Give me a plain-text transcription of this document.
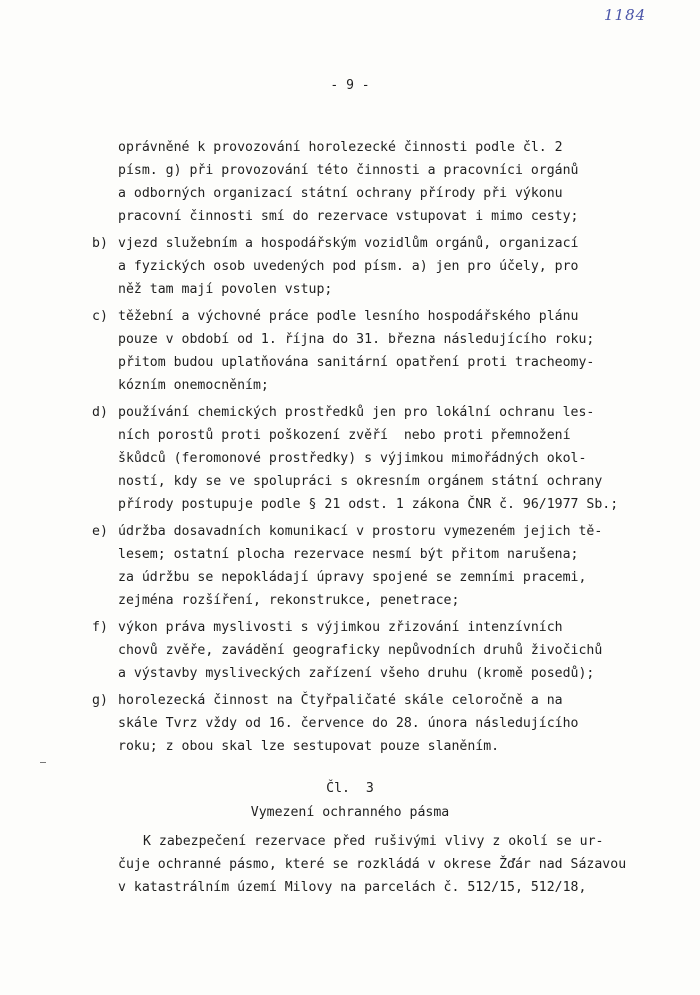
1184
- 9 -
oprávněné k provozování horolezecké činnosti podle čl. 2
písm. g) při provozování této činnosti a pracovníci orgánů
a odborných organizací státní ochrany přírody při výkonu
pracovní činnosti smí do rezervace vstupovat i mimo cesty;
b) vjezd služebním a hospodářským vozidlům orgánů, organizací
a fyzických osob uvedených pod písm. a) jen pro účely, pro
něž tam mají povolen vstup;
c) těžební a výchovné práce podle lesního hospodářského plánu
pouze v období od 1. října do 31. března následujícího roku;
přitom budou uplatňována sanitární opatření proti tracheomy-
kózním onemocněním;
d) používání chemických prostředků jen pro lokální ochranu les-
ních porostů proti poškození zvěří  nebo proti přemnožení
škůdců (feromonové prostředky) s výjimkou mimořádných okol-
ností, kdy se ve spolupráci s okresním orgánem státní ochrany
přírody postupuje podle § 21 odst. 1 zákona ČNR č. 96/1977 Sb.;
e) údržba dosavadních komunikací v prostoru vymezeném jejich tě-
lesem; ostatní plocha rezervace nesmí být přitom narušena;
za údržbu se nepokládají úpravy spojené se zemními pracemi,
zejména rozšíření, rekonstrukce, penetrace;
f) výkon práva myslivosti s výjimkou zřizování intenzívních
chovů zvěře, zavádění geograficky nepůvodních druhů živočichů
a výstavby mysliveckých zařízení všeho druhu (kromě posedů);
g) horolezecká činnost na Čtyřpaličaté skále celoročně a na
skále Tvrz vždy od 16. července do 28. února následujícího
roku; z obou skal lze sestupovat pouze slaněním.
Čl.  3
Vymezení ochranného pásma
K zabezpečení rezervace před rušivými vlivy z okolí se ur-
čuje ochranné pásmo, které se rozkládá v okrese Žďár nad Sázavou
v katastrálním území Milovy na parcelách č. 512/15, 512/18,
